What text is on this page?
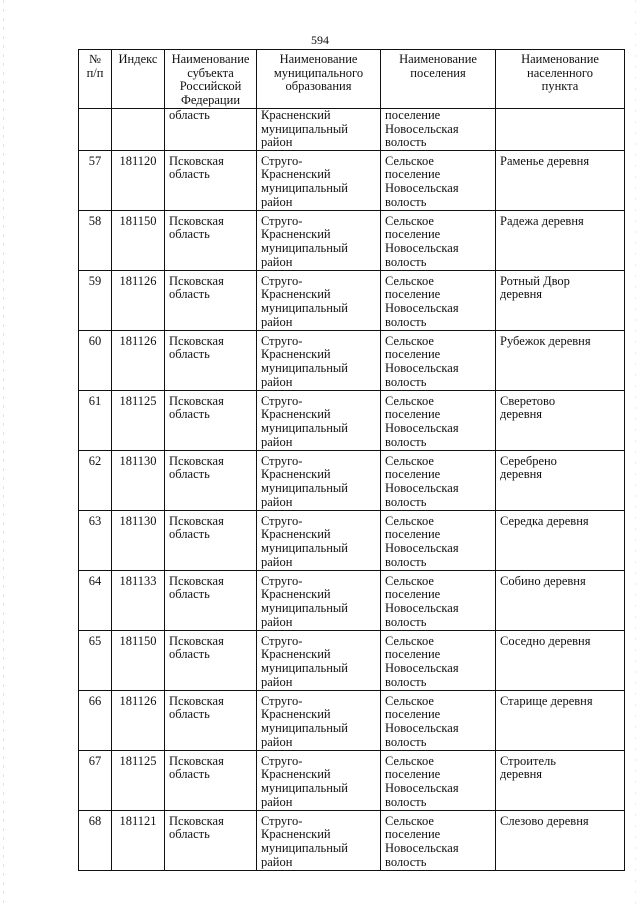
594
№
п/п	Индекс	Наименование
субъекта
Российской
Федерации	Наименование
муниципального
образования	Наименование
поселения	Наименование
населенного
пункта
		область	Красненский
муниципальный
район	поселение
Новосельская
волость	
57	181120	Псковская
область	Струго-
Красненский
муниципальный
район	Сельское
поселение
Новосельская
волость	Раменье деревня
58	181150	Псковская
область	Струго-
Красненский
муниципальный
район	Сельское
поселение
Новосельская
волость	Радежа деревня
59	181126	Псковская
область	Струго-
Красненский
муниципальный
район	Сельское
поселение
Новосельская
волость	Ротный Двор
деревня
60	181126	Псковская
область	Струго-
Красненский
муниципальный
район	Сельское
поселение
Новосельская
волость	Рубежок деревня
61	181125	Псковская
область	Струго-
Красненский
муниципальный
район	Сельское
поселение
Новосельская
волость	Сверетово
деревня
62	181130	Псковская
область	Струго-
Красненский
муниципальный
район	Сельское
поселение
Новосельская
волость	Серебрено
деревня
63	181130	Псковская
область	Струго-
Красненский
муниципальный
район	Сельское
поселение
Новосельская
волость	Середка деревня
64	181133	Псковская
область	Струго-
Красненский
муниципальный
район	Сельское
поселение
Новосельская
волость	Собино деревня
65	181150	Псковская
область	Струго-
Красненский
муниципальный
район	Сельское
поселение
Новосельская
волость	Соседно деревня
66	181126	Псковская
область	Струго-
Красненский
муниципальный
район	Сельское
поселение
Новосельская
волость	Старище деревня
67	181125	Псковская
область	Струго-
Красненский
муниципальный
район	Сельское
поселение
Новосельская
волость	Строитель
деревня
68	181121	Псковская
область	Струго-
Красненский
муниципальный
район	Сельское
поселение
Новосельская
волость	Слезово деревня
